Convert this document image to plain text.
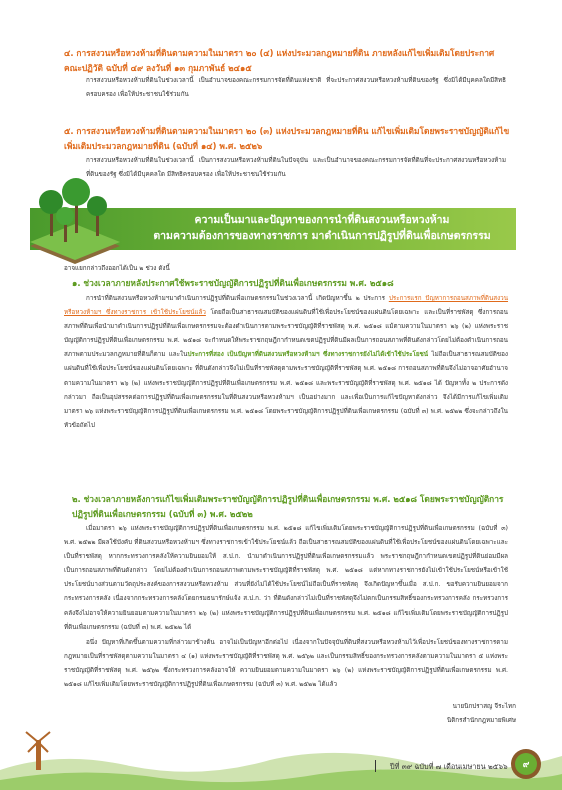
๔. การสงวนหรือหวงห้ามที่ดินตามความในมาตรา ๒๐ (๔) แห่งประมวลกฎหมายที่ดิน ภายหลังแก้ไขเพิ่มเติมโดยประกาศคณะปฏิวัติ ฉบับที่ ๔๙ ลงวันที่ ๑๓ กุมภาพันธ์ ๒๔๑๕
การสงวนหรือหวงห้ามที่ดินในช่วงเวลานี้ เป็นอำนาจของคณะกรรมการจัดที่ดินแห่งชาติ ที่จะประกาศสงวนหรือหวงห้ามที่ดินของรัฐ ซึ่งมิได้มีบุคคลใดมีสิทธิครอบครอง เพื่อให้ประชาชนใช้ร่วมกัน
๕. การสงวนหรือหวงห้ามที่ดินตามความในมาตรา ๒๐ (๓) แห่งประมวลกฎหมายที่ดิน แก้ไขเพิ่มเติมโดยพระราชบัญญัติแก้ไขเพิ่มเติมประมวลกฎหมายที่ดิน (ฉบับที่ ๑๔) พ.ศ. ๒๕๒๖
การสงวนหรือหวงห้ามที่ดินในช่วงเวลานี้ เป็นการสงวนหรือหวงห้ามที่ดินในปัจจุบัน และเป็นอำนาจของคณะกรรมการจัดที่ดินที่จะประกาศสงวนหรือหวงห้ามที่ดินของรัฐ ซึ่งมิได้มีบุคคลใด มีสิทธิครอบครอง เพื่อให้ประชาชนใช้ร่วมกัน
ความเป็นมาและปัญหาของการนำที่ดินสงวนหรือหวงห้าม
ตามความต้องการของทางราชการ มาดำเนินการปฏิรูปที่ดินเพื่อเกษตรกรรม
อาจแยกกล่าวถึงออกได้เป็น ๒ ช่วง ดังนี้
๑. ช่วงเวลาภายหลังประกาศใช้พระราชบัญญัติการปฏิรูปที่ดินเพื่อเกษตรกรรม พ.ศ. ๒๕๑๘
การนำที่ดินสงวนหรือหวงห้ามฯมาดำเนินการปฏิรูปที่ดินเพื่อเกษตรกรรมในช่วงเวลานี้ เกิดปัญหาขึ้น ๒ ประการ ประการแรก ปัญหาการถอนสภาพที่ดินสงวนหรือหวงห้ามฯ ซึ่งทางราชการ เข้าใช้ประโยชน์แล้ว โดยถือเป็นสาธารณสมบัติของแผ่นดินที่ใช้เพื่อประโยชน์ของแผ่นดินโดยเฉพาะ และเป็นที่ราชพัสดุ ซึ่งการถอนสภาพที่ดินเพื่อนำมาดำเนินการปฏิรูปที่ดินเพื่อเกษตรกรรมจะต้องดำเนินการตามพระราชบัญญัติที่ราชพัสดุ พ.ศ. ๒๕๑๘ แม้ตามความในมาตรา ๒๖ (๒) แห่งพระราชบัญญัติการปฏิรูปที่ดินเพื่อเกษตรกรรม พ.ศ. ๒๕๑๘ จะกำหนดให้พระราชกฤษฎีกากำหนดเขตปฏิรูปที่ดินมีผลเป็นการถอนสภาพที่ดินดังกล่าวโดยไม่ต้องดำเนินการถอนสภาพตามประมวลกฎหมายที่ดินก็ตาม และในประการที่สอง เป็นปัญหาที่ดินสงวนหรือหวงห้ามฯ ซึ่งทางราชการยังไม่ได้เข้าใช้ประโยชน์ ไม่ถือเป็นสาธารณสมบัติของแผ่นดินที่ใช้เพื่อประโยชน์ของแผ่นดินโดยเฉพาะ ที่ดินดังกล่าวจึงไม่เป็นที่ราชพัสดุตามพระราชบัญญัติที่ราชพัสดุ พ.ศ. ๒๕๑๘ การถอนสภาพที่ดินจึงไม่อาจอาศัยอำนาจ ตามความในมาตรา ๒๖ (๒) แห่งพระราชบัญญัติการปฏิรูปที่ดินเพื่อเกษตรกรรม พ.ศ. ๒๕๑๘ และพระราชบัญญัติที่ราชพัสดุ พ.ศ. ๒๕๑๘ ได้ ปัญหาทั้ง ๒ ประการดังกล่าวมา ถือเป็นอุปสรรคต่อการปฏิรูปที่ดินเพื่อเกษตรกรรมในที่ดินสงวนหรือหวงห้ามฯ เป็นอย่างมาก และเพื่อเป็นการแก้ไขปัญหาดังกล่าว จึงได้มีการแก้ไขเพิ่มเติมมาตรา ๒๖ แห่งพระราชบัญญัติการปฏิรูปที่ดินเพื่อเกษตรกรรม พ.ศ. ๒๕๑๘ โดยพระราชบัญญัติการปฏิรูปที่ดินเพื่อเกษตรกรรม (ฉบับที่ ๓) พ.ศ. ๒๕๒๒ ซึ่งจะกล่าวถึงในหัวข้อถัดไป
๒. ช่วงเวลาภายหลังการแก้ไขเพิ่มเติมพระราชบัญญัติการปฏิรูปที่ดินเพื่อเกษตรกรรม พ.ศ. ๒๕๑๘ โดยพระราชบัญญัติการปฏิรูปที่ดินเพื่อเกษตรกรรม (ฉบับที่ ๓) พ.ศ. ๒๕๒๒
เมื่อมาตรา ๒๖ แห่งพระราชบัญญัติการปฏิรูปที่ดินเพื่อเกษตรกรรม พ.ศ. ๒๕๑๘ แก้ไขเพิ่มเติมโดยพระราชบัญญัติการปฏิรูปที่ดินเพื่อเกษตรกรรม (ฉบับที่ ๓) พ.ศ. ๒๕๒๒ มีผลใช้บังคับ ที่ดินสงวนหรือหวงห้ามฯ ซึ่งทางราชการเข้าใช้ประโยชน์แล้ว ถือเป็นสาธารณสมบัติของแผ่นดินที่ใช้เพื่อประโยชน์ของแผ่นดินโดยเฉพาะและเป็นที่ราชพัสดุ หากกระทรวงการคลังให้ความยินยอมให้ ส.ป.ก. นำมาดำเนินการปฏิรูปที่ดินเพื่อเกษตรกรรมแล้ว พระราชกฤษฎีกากำหนดเขตปฏิรูปที่ดินย่อมมีผลเป็นการถอนสภาพที่ดินดังกล่าว โดยไม่ต้องดำเนินการถอนสภาพตามพระราชบัญญัติที่ราชพัสดุ พ.ศ. ๒๕๑๘ แต่หากทางราชการยังไม่เข้าใช้ประโยชน์หรือเข้าใช้ประโยชน์บางส่วนตามวัตถุประสงค์ของการสงวนหรือหวงห้าม ส่วนที่ยังไม่ได้ใช้ประโยชน์ไม่ถือเป็นที่ราชพัสดุ จึงเกิดปัญหาขึ้นเมื่อ ส.ป.ก. ขอรับความยินยอมจากกระทรวงการคลัง เนื่องจากกระทรวงการคลังโดยกรมธนารักษ์แจ้ง ส.ป.ก. ว่า ที่ดินดังกล่าวไม่เป็นที่ราชพัสดุจึงไม่ตกเป็นกรรมสิทธิ์ของกระทรวงการคลัง กระทรวงการคลังจึงไม่อาจให้ความยินยอมตามความในมาตรา ๒๖ (๒) แห่งพระราชบัญญัติการปฏิรูปที่ดินเพื่อเกษตรกรรม พ.ศ. ๒๕๑๘ แก้ไขเพิ่มเติมโดยพระราชบัญญัติการปฏิรูปที่ดินเพื่อเกษตรกรรม (ฉบับที่ ๓) พ.ศ. ๒๕๒๒ ได้
อนึ่ง ปัญหาที่เกิดขึ้นตามความที่กล่าวมาข้างต้น อาจไม่เป็นปัญหาอีกต่อไป เนื่องจากในปัจจุบันที่ดินที่สงวนหรือหวงห้ามไว้เพื่อประโยชน์ของทางราชการตามกฎหมายเป็นที่ราชพัสดุตามความในมาตรา ๔ (๑) แห่งพระราชบัญญัติที่ราชพัสดุ พ.ศ. ๒๕๖๒ และเป็นกรรมสิทธิ์ของกระทรวงการคลังตามความในมาตรา ๕ แห่งพระราชบัญญัติที่ราชพัสดุ พ.ศ. ๒๕๖๒ ซึ่งกระทรวงการคลังอาจให้ ความยินยอมตามความในมาตรา ๒๖ (๒) แห่งพระราชบัญญัติการปฏิรูปที่ดินเพื่อเกษตรกรรม พ.ศ. ๒๕๑๘ แก้ไขเพิ่มเติมโดยพระราชบัญญัติการปฏิรูปที่ดินเพื่อเกษตรกรรม (ฉบับที่ ๓) พ.ศ. ๒๕๒๒ ได้แล้ว
นายนิกปราสญ จีระไทก
นิติกรสำนักกฎหมายพิเศษ
ปีที่ ๓๙ ฉบับที่ ๗ เดือนเมษายน ๒๕๖๖	๙
